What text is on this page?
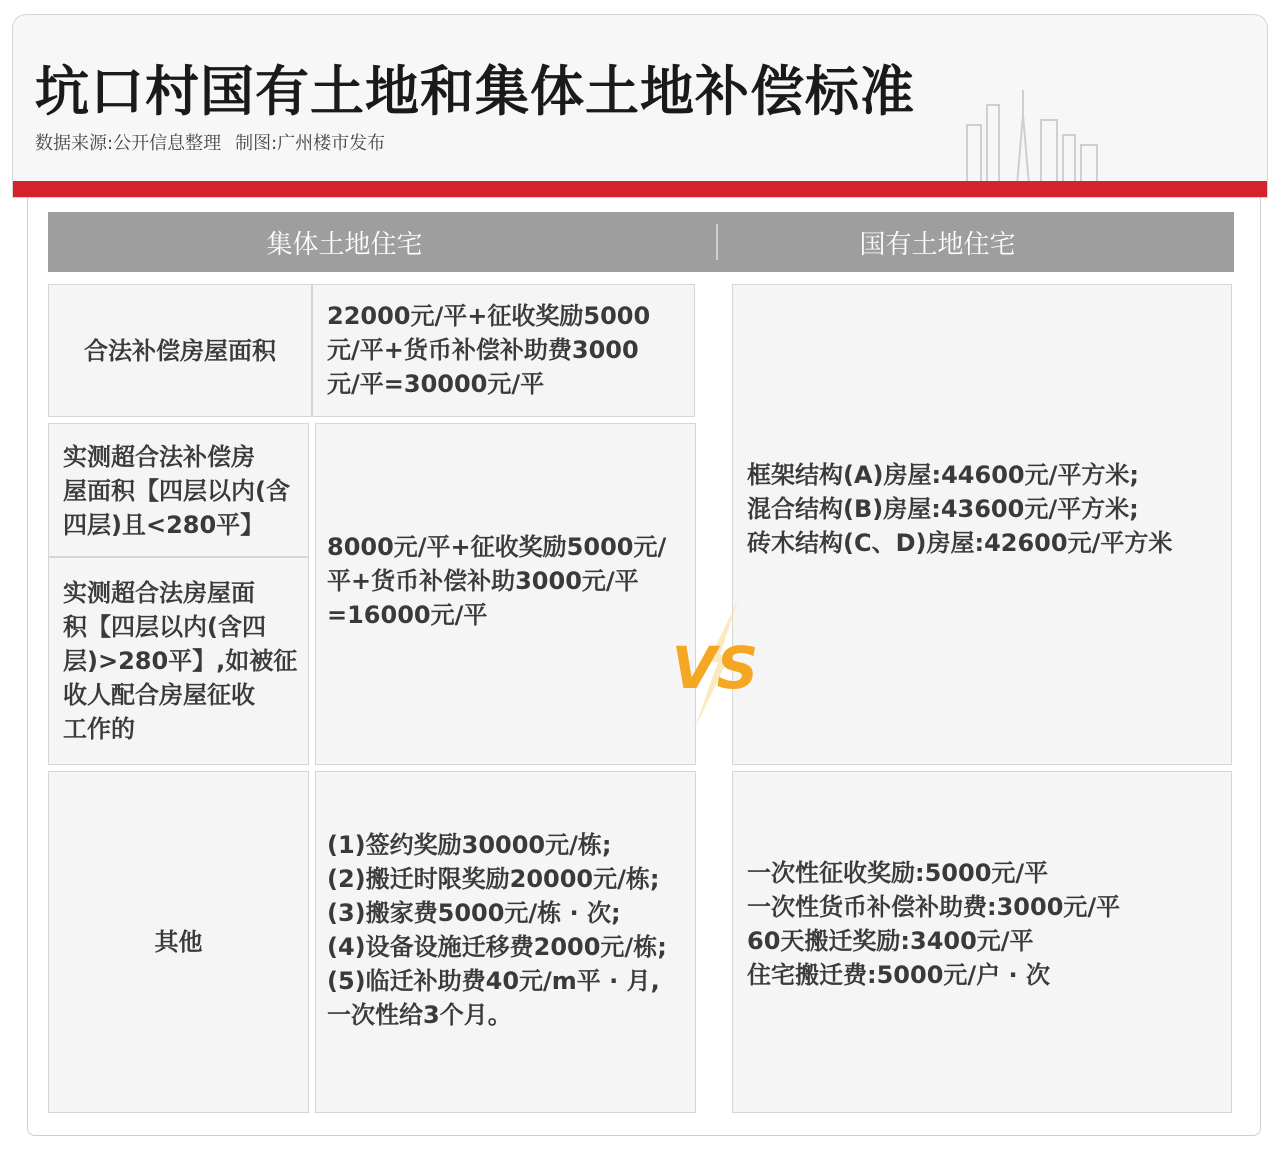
坑口村国有土地和集体土地补偿标准
数据来源:公开信息整理 制图:广州楼市发布
集体土地住宅	国有土地住宅
合法补偿房屋面积
22000元/平+征收奖励5000
元/平+货币补偿补助费3000
元/平=30000元/平
实测超合法补偿房
屋面积【四层以内(含
四层)且<280平】
实测超合法房屋面
积【四层以内(含四
层)>280平】,如被征
收人配合房屋征收
工作的
8000元/平+征收奖励5000元/
平+货币补偿补助3000元/平
=16000元/平
框架结构(A)房屋:44600元/平方米;
混合结构(B)房屋:43600元/平方米;
砖木结构(C、D)房屋:42600元/平方米
其他
(1)签约奖励30000元/栋;
(2)搬迁时限奖励20000元/栋;
(3)搬家费5000元/栋 · 次;
(4)设备设施迁移费2000元/栋;
(5)临迁补助费40元/m平 · 月,
一次性给3个月。
一次性征收奖励:5000元/平
一次性货币补偿补助费:3000元/平
60天搬迁奖励:3400元/平
住宅搬迁费:5000元/户 · 次
VS
